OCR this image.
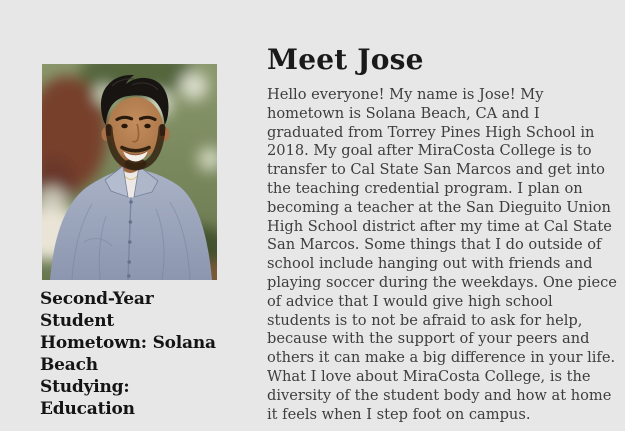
Second-Year Student
Hometown: Solana Beach
Studying: Education
Meet Jose

Hello everyone! My name is Jose! My hometown is Solana Beach, CA and I graduated from Torrey Pines High School in 2018. My goal after MiraCosta College is to transfer to Cal State San Marcos and get into the teaching credential program. I plan on becoming a teacher at the San Dieguito Union High School district after my time at Cal State San Marcos. Some things that I do outside of school include hanging out with friends and playing soccer during the weekdays. One piece of advice that I would give high school students is to not be afraid to ask for help, because with the support of your peers and others it can make a big difference in your life. What I love about MiraCosta College, is the diversity of the student body and how at home it feels when I step foot on campus.
